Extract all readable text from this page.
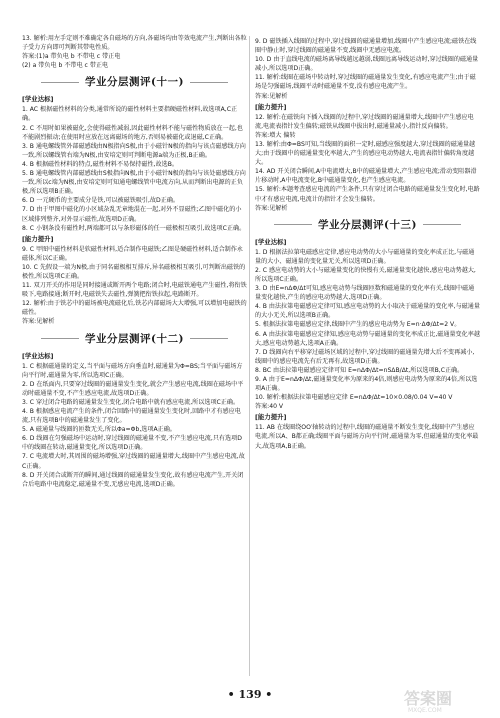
13. 解析:用左手定则不难确定各自磁场的方向,各磁场均由等效电流产生,判断出各粒子受力方向即可判断其带电性质。
答案:(1)a 带负电 b 不带电 c 带正电
(2) a 带负电 b 不带电 c 带正电
学业分层测评(十一)
[学业达标]
1. AC 根据磁性材料的分类,通常所说的磁性材料主要指硬磁性材料,故选项A,C正确。
2. C 不用时如果被磁化,会使得磁性减弱,因此磁性材料不能与磁性物质放在一起,也不能剧烈振动;在使用时应放在远离磁场的地方,否则易被磁化或退磁,C正确。
3. B 通电螺线管外部磁感线由N极指向S极,由于小磁针N极的指向与该点磁感线方向一致,所以螺线管右端为N极,由安培定则可判断电源a端为正极,B正确。
4. B 根据磁性材料的特点,磁性材料不易保持磁性,故选B。
5. B 通电螺线管内部磁感线由S极指向N极,由于小磁针N极的指向与该处磁感线方向一致,所以c端为N极,由安培定则可知通电螺线管中电流方向,从而判断出电源的正负极,所以选项B正确。
6. D 一元硬币的主要成分是铁,可以被磁铁吸引,故D正确。
7. D 由于甲图中磁化的小区域杂乱无章地混在一起,对外不显磁性;乙图中磁化的小区域排列整齐,对外显示磁性,故选项D正确。
8. C 小钢条没有磁性时,两端都可以与条形磁体的任一磁极相互吸引,故选项C正确。
[能力提升]
9. C 甲图中磁性材料是软磁性材料,适合制作电磁铁;乙图是硬磁性材料,适合制作永磁体,所以C正确。
10. C 先假设一端为N极,由于同名磁极相互排斥,异名磁极相互吸引,可判断出磁铁的极性,所以选项C正确。
11. 双刀开关的作用是同时接通或断开两个电路;闭合时,电磁铁通电产生磁性,将衔铁吸下,电路接通;断开时,电磁铁失去磁性,弹簧把衔铁拉起,电路断开。
12. 解析:由于铁芯中的磁场被电流磁化后,铁芯内部磁场大大增强,可以增加电磁铁的磁性。
答案:见解析
学业分层测评(十二)
[学业达标]
1. C 根据磁通量的定义,当平面与磁场方向垂直时,磁通量为Φ=BS;当平面与磁场方向平行时,磁通量为零,所以选项C正确。
2. D 在纸面内,只要穿过线圈的磁通量发生变化,就会产生感应电流,线圈在磁场中平动时磁通量不变,不产生感应电流,故选项D正确。
3. C 穿过闭合电路的磁通量发生变化,闭合电路中就有感应电流,所以选项C正确。
4. B 根据感应电流产生的条件,闭合回路中的磁通量发生变化时,回路中才有感应电流,只有选项B中的磁通量发生了变化。
5. A 磁通量与线圈的匝数无关,所以Φa=Φb,选项A正确。
6. D 线圈在匀强磁场中运动时,穿过线圈的磁通量不变,不产生感应电流,只有选项D中的线圈在转动,磁通量变化,所以选项D正确。
7. C 电流增大时,其周围的磁场增强,穿过线圈的磁通量增大,线圈中产生感应电流,故C正确。
8. D 开关闭合或断开的瞬间,通过线圈的磁通量发生变化,故有感应电流产生,开关闭合后电路中电流稳定,磁通量不变,无感应电流,选项D正确。
9. D 磁铁插入线圈的过程中,穿过线圈的磁通量增加,线圈中产生感应电流;磁铁在线圈中静止时,穿过线圈的磁通量不变,线圈中无感应电流。
10. D 由于直线电流的磁场离导线越远越弱,线圈远离导线运动时,穿过线圈的磁通量减小,所以选项D正确。
11. 解析:线圈在磁场中转动时,穿过线圈的磁通量发生变化,有感应电流产生;由于磁场是匀强磁场,线圈平动时磁通量不变,没有感应电流产生。
答案:见解析
[能力提升]
12. 解析:在磁铁向下插入线圈的过程中,穿过线圈的磁通量增大,线圈中产生感应电流,电流表指针发生偏转;磁铁从线圈中拔出时,磁通量减小,指针反向偏转。
答案:增大 偏转
13. 解析:由Φ=BS可知,当线圈的面积一定时,磁感应强度越大,穿过线圈的磁通量越大;由于线圈中的磁通量变化率越大,产生的感应电动势越大,电流表指针偏转角度越大。
14. AD 开关闭合瞬间,A中电流增大,B中的磁通量增大,产生感应电流;滑动变阻器滑片移动时,A中电流变化,B中磁通量变化,也产生感应电流。
15. 解析:本题考查感应电流的产生条件,只有穿过闭合电路的磁通量发生变化时,电路中才有感应电流,电流计的指针才会发生偏转。
答案:见解析
学业分层测评(十三)
[学业达标]
1. D 根据法拉第电磁感应定律,感应电动势的大小与磁通量的变化率成正比,与磁通量的大小、磁通量的变化量无关,所以选项D正确。
2. C 感应电动势的大小与磁通量变化的快慢有关,磁通量变化越快,感应电动势越大,所以选项C正确。
3. D 由E=nΔΦ/Δt可知,感应电动势与线圈匝数和磁通量的变化率有关,线圈中磁通量变化越快,产生的感应电动势越大,选项D正确。
4. B 由法拉第电磁感应定律可知,感应电动势的大小取决于磁通量的变化率,与磁通量的大小无关,所以选项B正确。
5. 根据法拉第电磁感应定律,线圈中产生的感应电动势为 E=n·ΔΦ/Δt=2 V。
6. A 由法拉第电磁感应定律知,感应电动势与磁通量的变化率成正比,磁通量变化率越大,感应电动势越大,选项A正确。
7. D 线圈向右平移穿过磁场区域的过程中,穿过线圈的磁通量先增大后不变再减小,线圈中的感应电流先有后无再有,故选项D正确。
8. BC 由法拉第电磁感应定律可知 E=nΔΦ/Δt=nSΔB/Δt,所以选项B,C正确。
9. A 由于E=nΔΦ/Δt,磁通量变化率为原来的4倍,则感应电动势为原来的4倍,所以选项A正确。
10. 解析:根据法拉第电磁感应定律 E=nΔΦ/Δt=10×0.08/0.04 V=40 V
答案:40 V
[能力提升]
11. AB 在线圈绕OO′轴转动的过程中,线圈的磁通量不断发生变化,线圈中产生感应电流,所以A、B都正确;线圈平面与磁场方向平行时,磁通量为零,但磁通量的变化率最大,故选项A,B正确。
• 139 •	答案圈
MXQE.COM
